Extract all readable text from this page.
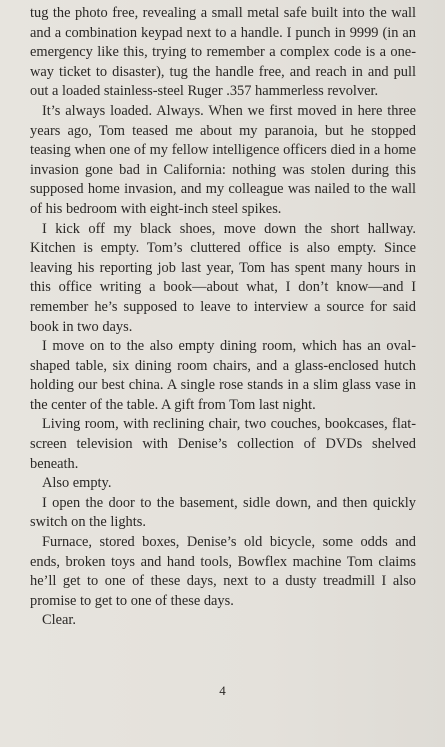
tug the photo free, revealing a small metal safe built into the wall and a combination keypad next to a handle. I punch in 9999 (in an emergency like this, trying to remember a complex code is a one-way ticket to disaster), tug the handle free, and reach in and pull out a loaded stainless-steel Ruger .357 hammerless revolver.

It’s always loaded. Always. When we first moved in here three years ago, Tom teased me about my paranoia, but he stopped teasing when one of my fellow intelligence officers died in a home invasion gone bad in California: nothing was stolen during this supposed home invasion, and my colleague was nailed to the wall of his bedroom with eight-inch steel spikes.

I kick off my black shoes, move down the short hallway. Kitchen is empty. Tom’s cluttered office is also empty. Since leaving his reporting job last year, Tom has spent many hours in this office writing a book—about what, I don’t know—and I remember he’s supposed to leave to interview a source for said book in two days.

I move on to the also empty dining room, which has an oval-shaped table, six dining room chairs, and a glass-enclosed hutch holding our best china. A single rose stands in a slim glass vase in the center of the table. A gift from Tom last night.

Living room, with reclining chair, two couches, bookcases, flat-screen television with Denise’s collection of DVDs shelved beneath.

Also empty.

I open the door to the basement, sidle down, and then quickly switch on the lights.

Furnace, stored boxes, Denise’s old bicycle, some odds and ends, broken toys and hand tools, Bowflex machine Tom claims he’ll get to one of these days, next to a dusty treadmill I also promise to get to one of these days.

Clear.

4
